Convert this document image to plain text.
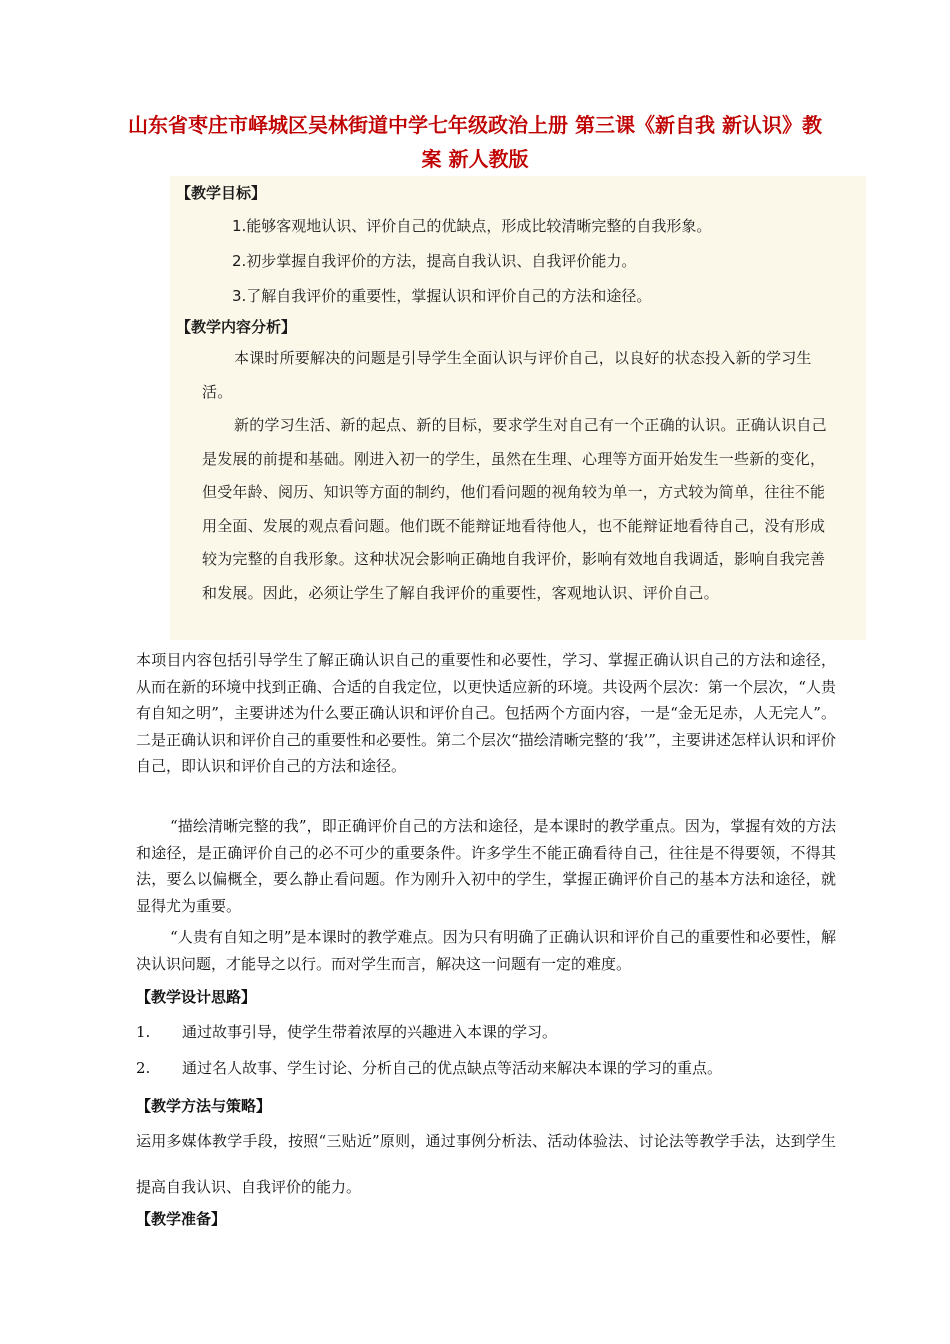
山东省枣庄市峄城区吴林街道中学七年级政治上册 第三课《新自我 新认识》教案 新人教版

【教学目标】

1.能够客观地认识、评价自己的优缺点，形成比较清晰完整的自我形象。

2.初步掌握自我评价的方法，提高自我认识、自我评价能力。

3.了解自我评价的重要性，掌握认识和评价自己的方法和途径。

【教学内容分析】

本课时所要解决的问题是引导学生全面认识与评价自己，以良好的状态投入新的学习生活。

新的学习生活、新的起点、新的目标，要求学生对自己有一个正确的认识。正确认识自己是发展的前提和基础。刚进入初一的学生，虽然在生理、心理等方面开始发生一些新的变化，但受年龄、阅历、知识等方面的制约，他们看问题的视角较为单一，方式较为简单，往往不能用全面、发展的观点看问题。他们既不能辩证地看待他人，也不能辩证地看待自己，没有形成较为完整的自我形象。这种状况会影响正确地自我评价，影响有效地自我调适，影响自我完善和发展。因此，必须让学生了解自我评价的重要性，客观地认识、评价自己。

本项目内容包括引导学生了解正确认识自己的重要性和必要性，学习、掌握正确认识自己的方法和途径，从而在新的环境中找到正确、合适的自我定位，以更快适应新的环境。共设两个层次：第一个层次，“人贵有自知之明”，主要讲述为什么要正确认识和评价自己。包括两个方面内容，一是“金无足赤，人无完人”。二是正确认识和评价自己的重要性和必要性。第二个层次“描绘清晰完整的‘我’”，主要讲述怎样认识和评价自己，即认识和评价自己的方法和途径。

“描绘清晰完整的我”，即正确评价自己的方法和途径，是本课时的教学重点。因为，掌握有效的方法和途径，是正确评价自己的必不可少的重要条件。许多学生不能正确看待自己，往往是不得要领，不得其法，要么以偏概全，要么静止看问题。作为刚升入初中的学生，掌握正确评价自己的基本方法和途径，就显得尤为重要。

“人贵有自知之明”是本课时的教学难点。因为只有明确了正确认识和评价自己的重要性和必要性，解决认识问题，才能导之以行。而对学生而言，解决这一问题有一定的难度。

【教学设计思路】

1. 通过故事引导，使学生带着浓厚的兴趣进入本课的学习。

2. 通过名人故事、学生讨论、分析自己的优点缺点等活动来解决本课的学习的重点。

【教学方法与策略】

运用多媒体教学手段，按照“三贴近”原则，通过事例分析法、活动体验法、讨论法等教学手法，达到学生提高自我认识、自我评价的能力。

【教学准备】
